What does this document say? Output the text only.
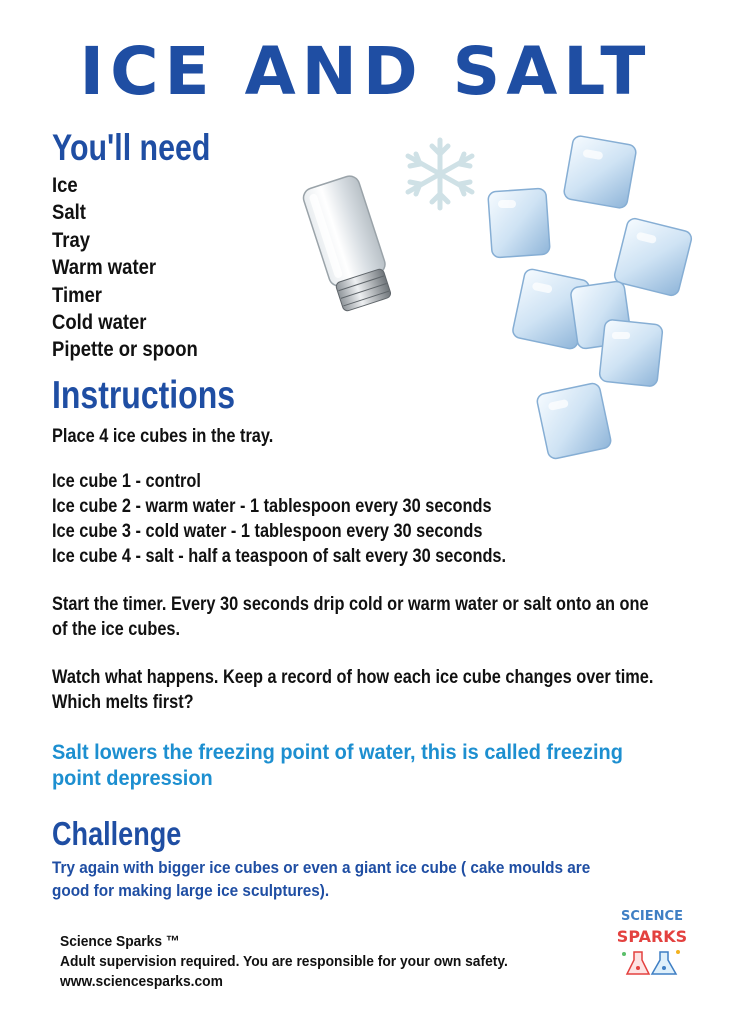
ICE AND SALT
You'll need
Ice
Salt
Tray
Warm water
Timer
Cold water
Pipette or spoon
Instructions
Place 4 ice cubes in the tray.
Ice cube 1 - control
Ice cube 2 - warm water - 1 tablespoon every 30 seconds
Ice cube 3 - cold water - 1 tablespoon every 30 seconds
Ice cube 4 - salt - half a teaspoon of salt every 30 seconds.
Start the timer. Every 30 seconds drip cold or warm water or salt onto an one
of the ice cubes.
Watch what happens. Keep a record of how each ice cube changes over time.
Which melts first?
Salt lowers the freezing point of water, this is called freezing
point depression
Challenge
Try again with bigger ice cubes or even a giant ice cube ( cake moulds are
good for making large ice sculptures).
Science Sparks ™
Adult supervision required. You are responsible for your own safety.
www.sciencesparks.com
SCIENCE
SPARKS
